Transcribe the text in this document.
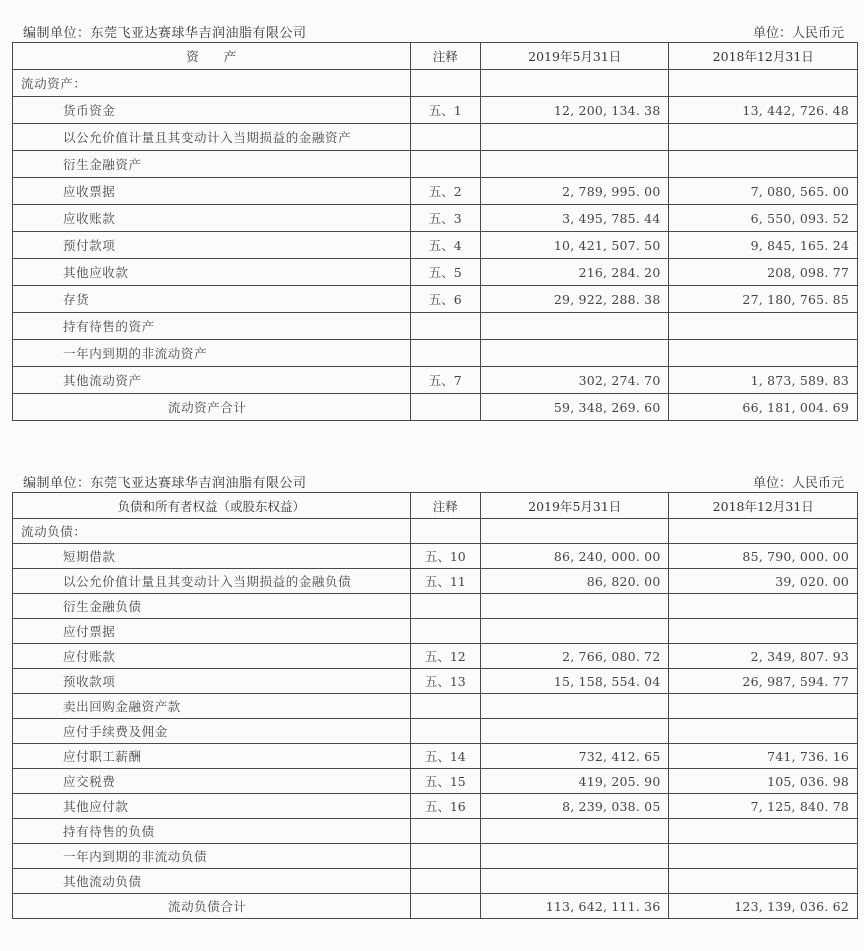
编制单位：东莞飞亚达赛球华吉润油脂有限公司	单位：人民币元
资　　产	注释	2019年5月31日	2018年12月31日
流动资产：			
货币资金	五、1	12, 200, 134. 38	13, 442, 726. 48
以公允价值计量且其变动计入当期损益的金融资产			
衍生金融资产			
应收票据	五、2	2, 789, 995. 00	7, 080, 565. 00
应收账款	五、3	3, 495, 785. 44	6, 550, 093. 52
预付款项	五、4	10, 421, 507. 50	9, 845, 165. 24
其他应收款	五、5	216, 284. 20	208, 098. 77
存货	五、6	29, 922, 288. 38	27, 180, 765. 85
持有待售的资产			
一年内到期的非流动资产			
其他流动资产	五、7	302, 274. 70	1, 873, 589. 83
流动资产合计		59, 348, 269. 60	66, 181, 004. 69
编制单位：东莞飞亚达赛球华吉润油脂有限公司	单位：人民币元
负债和所有者权益（或股东权益）	注释	2019年5月31日	2018年12月31日
流动负债：			
短期借款	五、10	86, 240, 000. 00	85, 790, 000. 00
以公允价值计量且其变动计入当期损益的金融负债	五、11	86, 820. 00	39, 020. 00
衍生金融负债			
应付票据			
应付账款	五、12	2, 766, 080. 72	2, 349, 807. 93
预收款项	五、13	15, 158, 554. 04	26, 987, 594. 77
卖出回购金融资产款			
应付手续费及佣金			
应付职工薪酬	五、14	732, 412. 65	741, 736. 16
应交税费	五、15	419, 205. 90	105, 036. 98
其他应付款	五、16	8, 239, 038. 05	7, 125, 840. 78
持有待售的负债			
一年内到期的非流动负债			
其他流动负债			
流动负债合计		113, 642, 111. 36	123, 139, 036. 62
